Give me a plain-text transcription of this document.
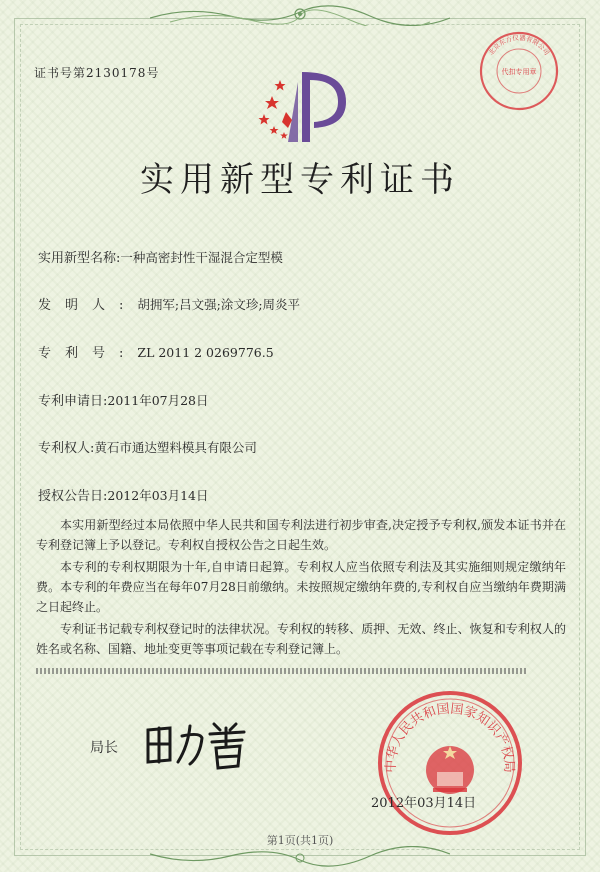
证书号第2130178号
实用新型专利证书
实用新型名称:一种高密封性干湿混合定型模
发明人:胡拥军;吕文强;涂文珍;周炎平
专利号:ZL 2011 2 0269776.5
专利申请日:2011年07月28日
专利权人:黄石市通达塑料模具有限公司
授权公告日:2012年03月14日
本实用新型经过本局依照中华人民共和国专利法进行初步审查,决定授予专利权,颁发本证书并在专利登记簿上予以登记。专利权自授权公告之日起生效。
本专利的专利权期限为十年,自申请日起算。专利权人应当依照专利法及其实施细则规定缴纳年费。本专利的年费应当在每年07月28日前缴纳。未按照规定缴纳年费的,专利权自应当缴纳年费期满之日起终止。
专利证书记载专利权登记时的法律状况。专利权的转移、质押、无效、终止、恢复和专利权人的姓名或名称、国籍、地址变更等事项记载在专利登记簿上。
局长
中华人民共和国国家知识产权局
北京东方仪器有限公司
代扣专用章
2012年03月14日
第1页(共1页)
